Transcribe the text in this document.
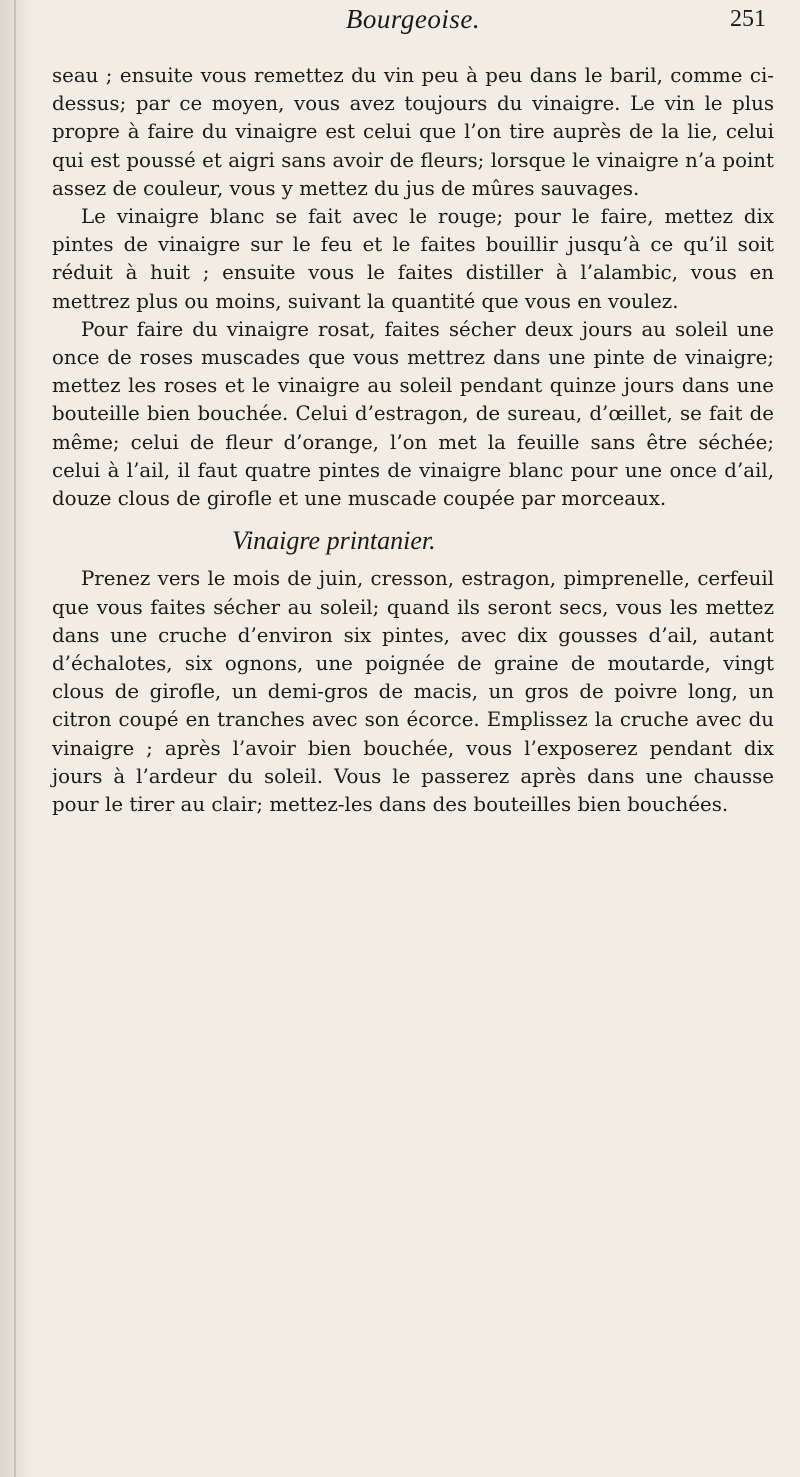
Bourgeoise.	251

seau ; ensuite vous remettez du vin peu à peu dans le baril, comme ci-dessus; par ce moyen, vous avez toujours du vinaigre. Le vin le plus propre à faire du vinaigre est celui que l’on tire auprès de la lie, celui qui est poussé et aigri sans avoir de fleurs; lorsque le vinaigre n’a point assez de couleur, vous y mettez du jus de mûres sauvages.

Le vinaigre blanc se fait avec le rouge; pour le faire, mettez dix pintes de vinaigre sur le feu et le faites bouillir jusqu’à ce qu’il soit réduit à huit ; ensuite vous le faites distiller à l’alambic, vous en mettrez plus ou moins, suivant la quantité que vous en voulez.

Pour faire du vinaigre rosat, faites sécher deux jours au soleil une once de roses muscades que vous mettrez dans une pinte de vinaigre; mettez les roses et le vinaigre au soleil pendant quinze jours dans une bouteille bien bouchée. Celui d’estragon, de sureau, d’œillet, se fait de même; celui de fleur d’orange, l’on met la feuille sans être séchée; celui à l’ail, il faut quatre pintes de vinaigre blanc pour une once d’ail, douze clous de girofle et une muscade coupée par morceaux.

Vinaigre printanier.

Prenez vers le mois de juin, cresson, estragon, pimprenelle, cerfeuil que vous faites sécher au soleil; quand ils seront secs, vous les mettez dans une cruche d’environ six pintes, avec dix gousses d’ail, autant d’échalotes, six ognons, une poignée de graine de moutarde, vingt clous de girofle, un demi-gros de macis, un gros de poivre long, un citron coupé en tranches avec son écorce. Emplissez la cruche avec du vinaigre ; après l’avoir bien bouchée, vous l’exposerez pendant dix jours à l’ardeur du soleil. Vous le passerez après dans une chausse pour le tirer au clair; mettez-les dans des bouteilles bien bouchées.
